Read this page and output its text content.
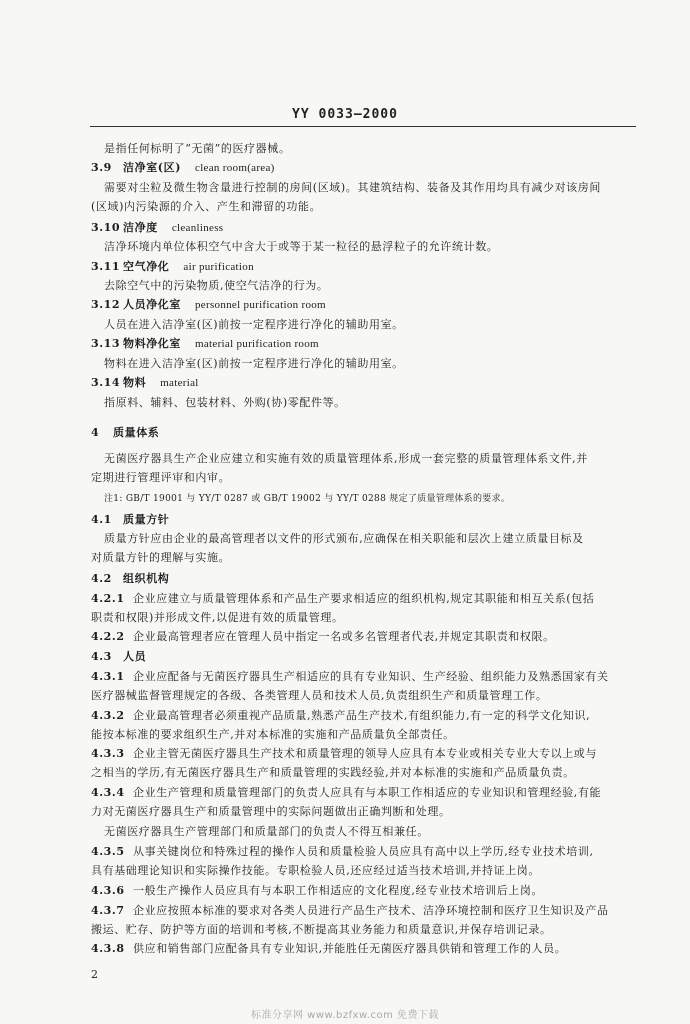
YY 0033—2000
是指任何标明了“无菌”的医疗器械。
3.9 洁净室(区) clean room(area)
需要对尘粒及微生物含量进行控制的房间(区域)。其建筑结构、装备及其作用均具有减少对该房间
(区域)内污染源的介入、产生和滞留的功能。
3.10 洁净度 cleanliness
洁净环境内单位体积空气中含大于或等于某一粒径的悬浮粒子的允许统计数。
3.11 空气净化 air purification
去除空气中的污染物质,使空气洁净的行为。
3.12 人员净化室 personnel purification room
人员在进入洁净室(区)前按一定程序进行净化的辅助用室。
3.13 物料净化室 material purification room
物料在进入洁净室(区)前按一定程序进行净化的辅助用室。
3.14 物料 material
指原料、辅料、包装材料、外购(协)零配件等。
4 质量体系
无菌医疗器具生产企业应建立和实施有效的质量管理体系,形成一套完整的质量管理体系文件,并
定期进行管理评审和内审。
注1: GB/T 19001 与 YY/T 0287 或 GB/T 19002 与 YY/T 0288 规定了质量管理体系的要求。
4.1 质量方针
质量方针应由企业的最高管理者以文件的形式颁布,应确保在相关职能和层次上建立质量目标及
对质量方针的理解与实施。
4.2 组织机构
4.2.1 企业应建立与质量管理体系和产品生产要求相适应的组织机构,规定其职能和相互关系(包括
职责和权限)并形成文件,以促进有效的质量管理。
4.2.2 企业最高管理者应在管理人员中指定一名或多名管理者代表,并规定其职责和权限。
4.3 人员
4.3.1 企业应配备与无菌医疗器具生产相适应的具有专业知识、生产经验、组织能力及熟悉国家有关
医疗器械监督管理规定的各级、各类管理人员和技术人员,负责组织生产和质量管理工作。
4.3.2 企业最高管理者必须重视产品质量,熟悉产品生产技术,有组织能力,有一定的科学文化知识,
能按本标准的要求组织生产,并对本标准的实施和产品质量负全部责任。
4.3.3 企业主管无菌医疗器具生产技术和质量管理的领导人应具有本专业或相关专业大专以上或与
之相当的学历,有无菌医疗器具生产和质量管理的实践经验,并对本标准的实施和产品质量负责。
4.3.4 企业生产管理和质量管理部门的负责人应具有与本职工作相适应的专业知识和管理经验,有能
力对无菌医疗器具生产和质量管理中的实际问题做出正确判断和处理。
无菌医疗器具生产管理部门和质量部门的负责人不得互相兼任。
4.3.5 从事关键岗位和特殊过程的操作人员和质量检验人员应具有高中以上学历,经专业技术培训,
具有基础理论知识和实际操作技能。专职检验人员,还应经过适当技术培训,并持证上岗。
4.3.6 一般生产操作人员应具有与本职工作相适应的文化程度,经专业技术培训后上岗。
4.3.7 企业应按照本标准的要求对各类人员进行产品生产技术、洁净环境控制和医疗卫生知识及产品
搬运、贮存、防护等方面的培训和考核,不断提高其业务能力和质量意识,并保存培训记录。
4.3.8 供应和销售部门应配备具有专业知识,并能胜任无菌医疗器具供销和管理工作的人员。
2
标准分享网 www.bzfxw.com 免费下载
